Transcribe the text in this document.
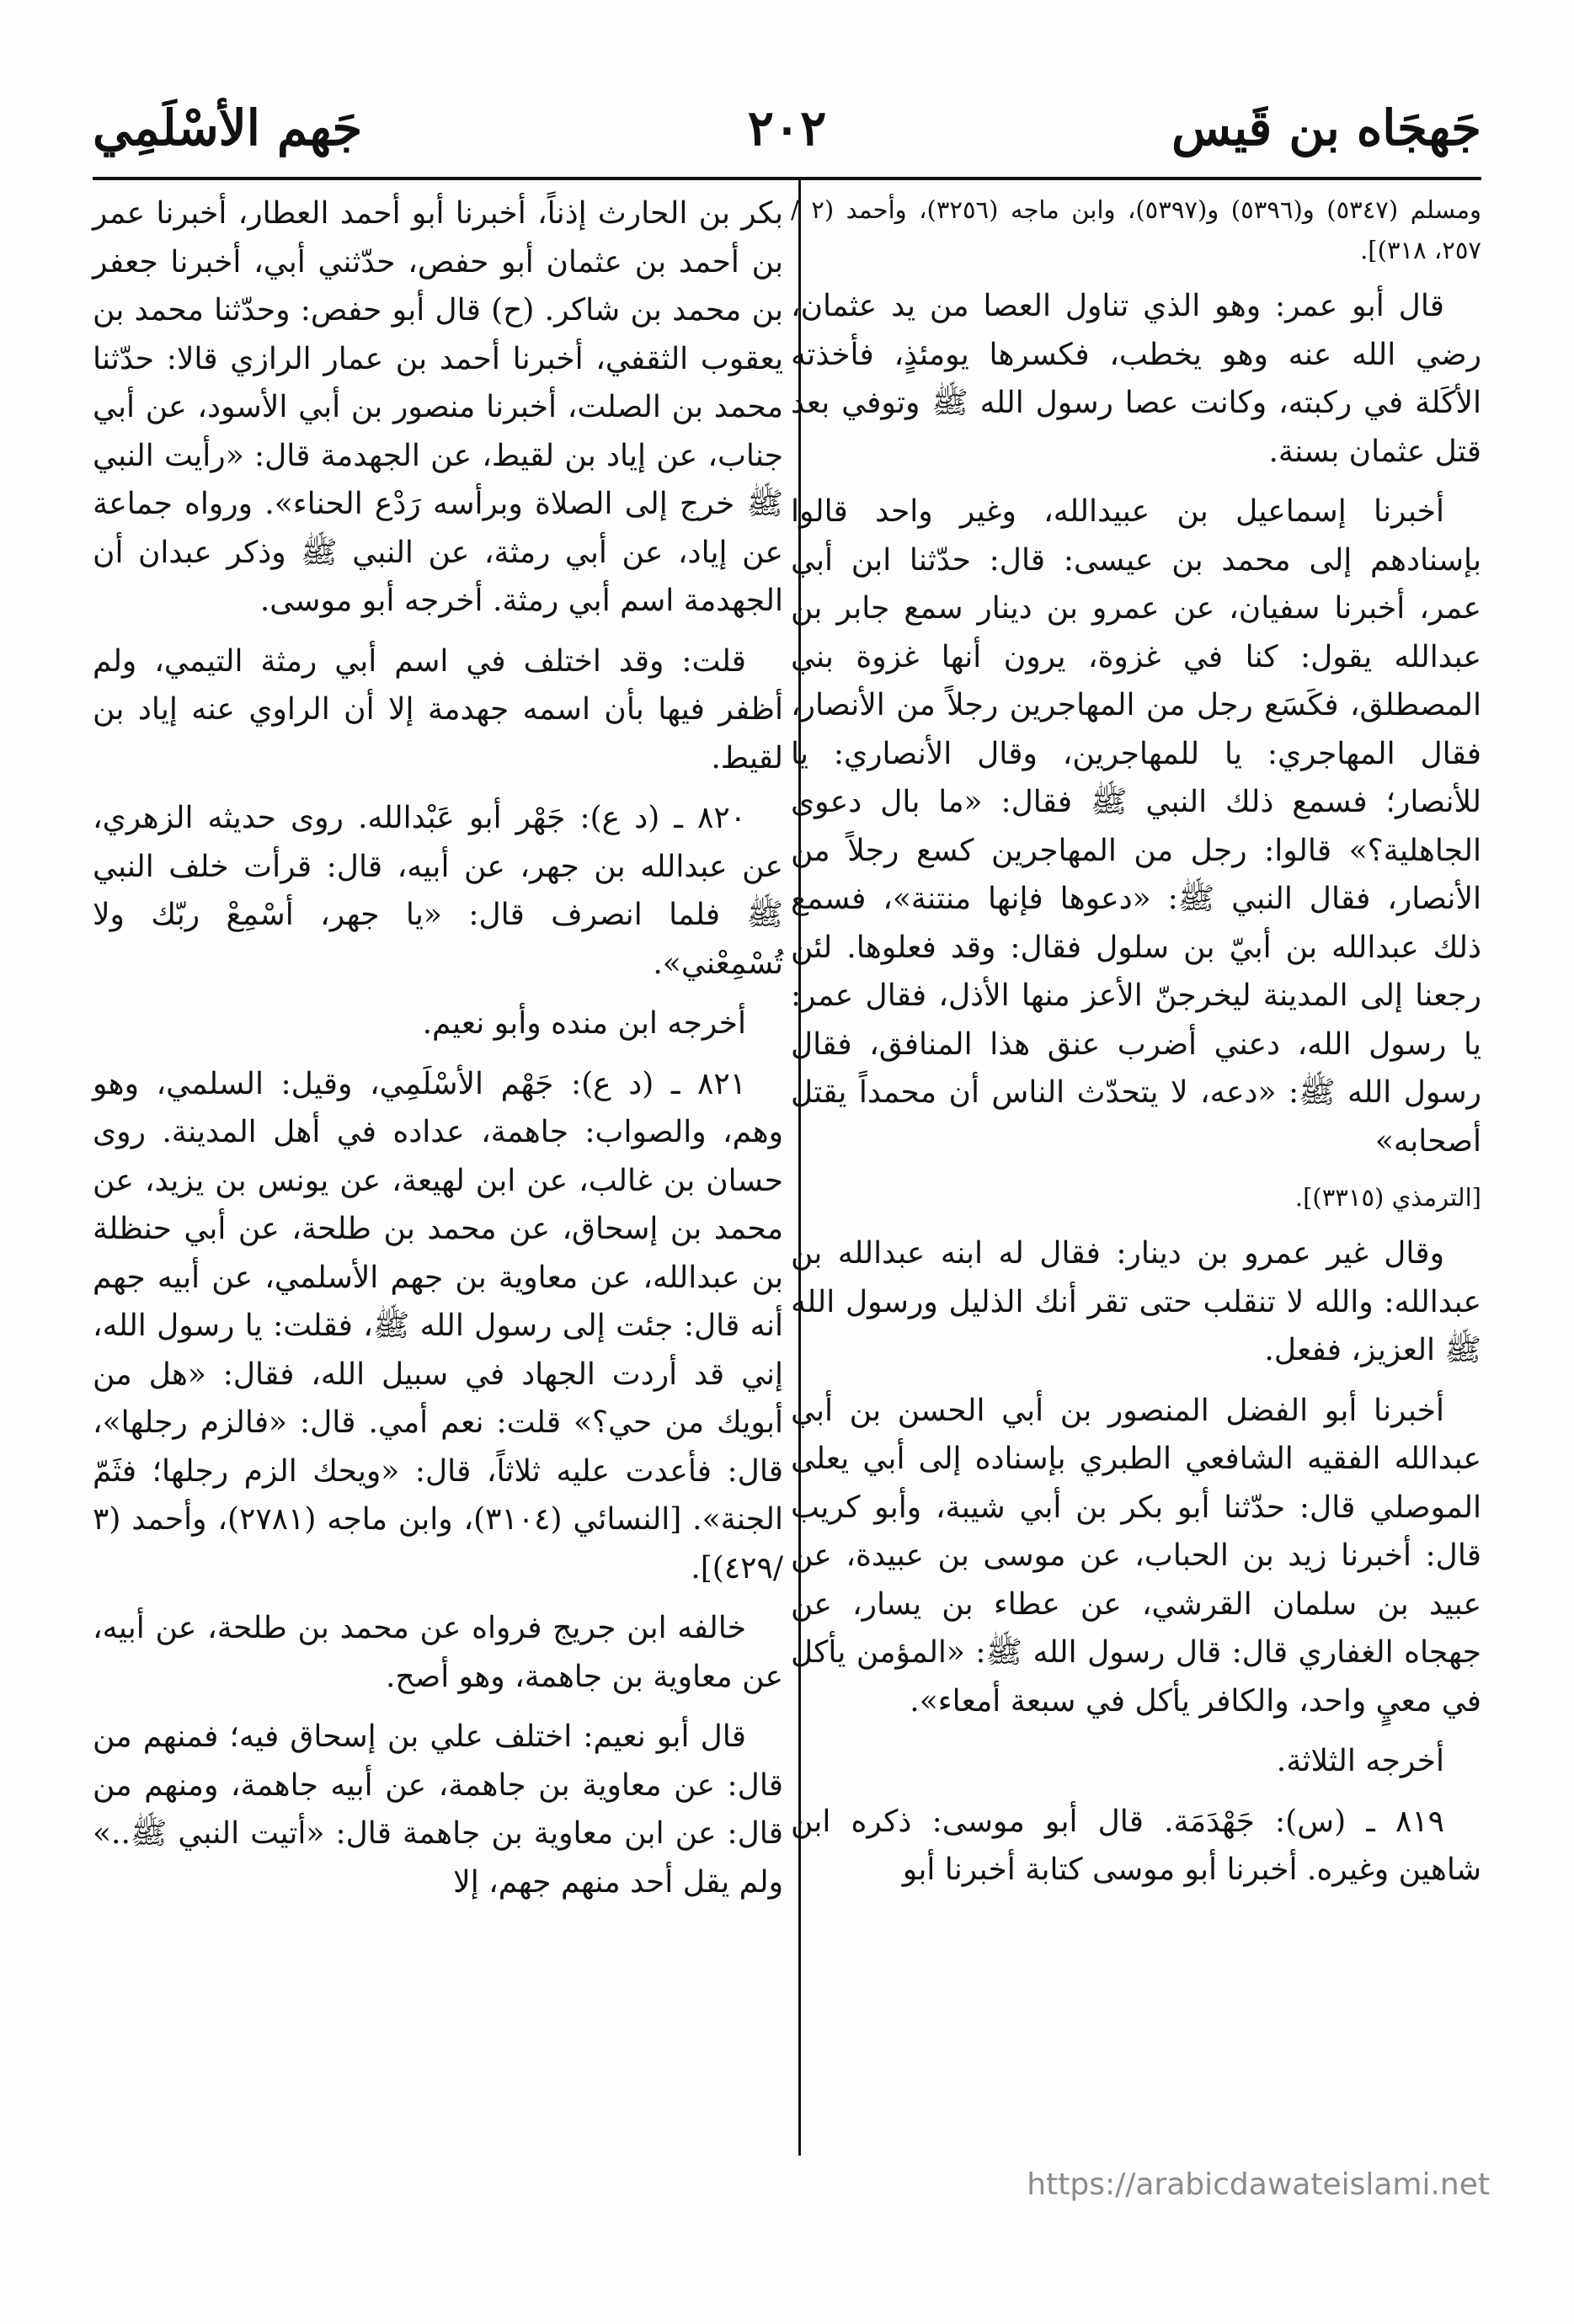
جَهجَاه بن قَيس
٢٠٢
جَهم الأسْلَمِي

ومسلم (٥٣٤٧) و(٥٣٩٦) و(٥٣٩٧)، وابن ماجه (٣٢٥٦)، وأحمد (٢ /٢٥٧، ٣١٨)].

قال أبو عمر: وهو الذي تناول العصا من يد عثمان، رضي الله عنه وهو يخطب، فكسرها يومئذٍ، فأخذته الأكَلة في ركبته، وكانت عصا رسول الله ﷺ وتوفي بعد قتل عثمان بسنة.

أخبرنا إسماعيل بن عبيدالله، وغير واحد قالوا بإسنادهم إلى محمد بن عيسى: قال: حدّثنا ابن أبي عمر، أخبرنا سفيان، عن عمرو بن دينار سمع جابر بن عبدالله يقول: كنا في غزوة، يرون أنها غزوة بني المصطلق، فكَسَع رجل من المهاجرين رجلاً من الأنصار، فقال المهاجري: يا للمهاجرين، وقال الأنصاري: يا للأنصار؛ فسمع ذلك النبي ﷺ فقال: «ما بال دعوى الجاهلية؟» قالوا: رجل من المهاجرين كسع رجلاً من الأنصار، فقال النبي ﷺ: «دعوها فإنها منتنة»، فسمع ذلك عبدالله بن أبيّ بن سلول فقال: وقد فعلوها. لئن رجعنا إلى المدينة ليخرجنّ الأعز منها الأذل، فقال عمر: يا رسول الله، دعني أضرب عنق هذا المنافق، فقال رسول الله ﷺ: «دعه، لا يتحدّث الناس أن محمداً يقتل أصحابه»

[الترمذي (٣٣١٥)].

وقال غير عمرو بن دينار: فقال له ابنه عبدالله بن عبدالله: والله لا تنقلب حتى تقر أنك الذليل ورسول الله ﷺ العزيز، ففعل.

أخبرنا أبو الفضل المنصور بن أبي الحسن بن أبي عبدالله الفقيه الشافعي الطبري بإسناده إلى أبي يعلى الموصلي قال: حدّثنا أبو بكر بن أبي شيبة، وأبو كريب قال: أخبرنا زيد بن الحباب، عن موسى بن عبيدة، عن عبيد بن سلمان القرشي، عن عطاء بن يسار، عن جهجاه الغفاري قال: قال رسول الله ﷺ: «المؤمن يأكل في معيٍ واحد، والكافر يأكل في سبعة أمعاء».

أخرجه الثلاثة.

٨١٩ ـ (س): جَهْدَمَة. قال أبو موسى: ذكره ابن شاهين وغيره. أخبرنا أبو موسى كتابة أخبرنا أبو

بكر بن الحارث إذناً، أخبرنا أبو أحمد العطار، أخبرنا عمر بن أحمد بن عثمان أبو حفص، حدّثني أبي، أخبرنا جعفر بن محمد بن شاكر. (ح) قال أبو حفص: وحدّثنا محمد بن يعقوب الثقفي، أخبرنا أحمد بن عمار الرازي قالا: حدّثنا محمد بن الصلت، أخبرنا منصور بن أبي الأسود، عن أبي جناب، عن إياد بن لقيط، عن الجهدمة قال: «رأيت النبي ﷺ خرج إلى الصلاة وبرأسه رَدْع الحناء». ورواه جماعة عن إياد، عن أبي رمثة، عن النبي ﷺ وذكر عبدان أن الجهدمة اسم أبي رمثة. أخرجه أبو موسى.

قلت: وقد اختلف في اسم أبي رمثة التيمي، ولم أظفر فيها بأن اسمه جهدمة إلا أن الراوي عنه إياد بن لقيط.

٨٢٠ ـ (د ع): جَهْر أبو عَبْدالله. روى حديثه الزهري، عن عبدالله بن جهر، عن أبيه، قال: قرأت خلف النبي ﷺ فلما انصرف قال: «يا جهر، أسْمِعْ ربّك ولا تُسْمِعْني».

أخرجه ابن منده وأبو نعيم.

٨٢١ ـ (د ع): جَهْم الأسْلَمِي، وقيل: السلمي، وهو وهم، والصواب: جاهمة، عداده في أهل المدينة. روى حسان بن غالب، عن ابن لهيعة، عن يونس بن يزيد، عن محمد بن إسحاق، عن محمد بن طلحة، عن أبي حنظلة بن عبدالله، عن معاوية بن جهم الأسلمي، عن أبيه جهم أنه قال: جئت إلى رسول الله ﷺ، فقلت: يا رسول الله، إني قد أردت الجهاد في سبيل الله، فقال: «هل من أبويك من حي؟» قلت: نعم أمي. قال: «فالزم رجلها»، قال: فأعدت عليه ثلاثاً، قال: «ويحك الزم رجلها؛ فثَمّ الجنة». [النسائي (٣١٠٤)، وابن ماجه (٢٧٨١)، وأحمد (٣ /٤٢٩)].

خالفه ابن جريج فرواه عن محمد بن طلحة، عن أبيه، عن معاوية بن جاهمة، وهو أصح.

قال أبو نعيم: اختلف علي بن إسحاق فيه؛ فمنهم من قال: عن معاوية بن جاهمة، عن أبيه جاهمة، ومنهم من قال: عن ابن معاوية بن جاهمة قال: «أتيت النبي ﷺ..» ولم يقل أحد منهم جهم، إلا

https://arabicdawateislami.net
